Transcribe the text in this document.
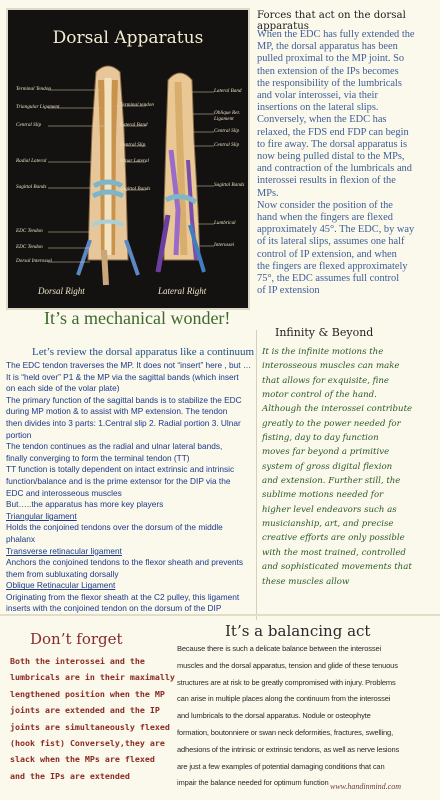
Dorsal Apparatus
Terminal Tendon
Triangular Ligament
Central Slip
Radial Lateral
Sagittal Bands
EDC Tendon
EDC Tendon
Dorsal Interossei
Terminal tendon
Lateral Band
Central Slip
Ulnar Lateral
Sagittal Bands
Lateral Band
Oblique Ret. Ligament
Central Slip
Central Slip
Sagittal Bands
Lumbrical
Interossei
Dorsal Right	Lateral Right
Forces that act on the dorsal apparatus

When the EDC has fully extended the

MP, the dorsal apparatus has been

pulled proximal to the MP joint. So

then extension of the IPs becomes

the responsibility of the lumbricals

and volar interossei, via their

insertions on the lateral slips.

Conversely, when the EDC has

relaxed, the FDS end FDP can begin

to fire away. The dorsal apparatus is

now being pulled distal to the MPs,

and contraction of the lumbricals and

interossei results in flexion of the

MPs.

Now consider the position of the

hand when the fingers are flexed

approximately 45°. The EDC, by way

of its lateral slips, assumes one half

control of IP extension, and when

the fingers are flexed approximately

75°, the EDC assumes full control

of IP extension

It’s a mechanical wonder!
Infinity & Beyond

It is the infinite motions the

interosseous muscles can make

that allows for exquisite, fine

motor control of the hand.

Although the interossei contribute

greatly to the power needed for

fisting, day to day function

moves far beyond a primitive

system of gross digital flexion

and extension. Further still, the

sublime motions needed for

higher level endeavors such as

musicianship, art, and precise

creative efforts are only possible

with the most trained, controlled

and sophisticated movements that

these muscles allow

Let’s review the dorsal apparatus like a continuum

The EDC tendon traverses the MP. It does not “insert” here , but …

It is “held over” P1 & the MP via the sagittal bands (which insert

on each side of the volar plate)

The primary function of the sagittal bands is to stabilize the EDC

during MP motion & to assist with MP extension. The tendon

then divides into 3 parts: 1.Central slip 2. Radial portion 3. Ulnar

portion

The tendon continues as the radial and ulnar lateral bands,

finally converging to form the terminal tendon (TT)

TT function is totally dependent on intact extrinsic and intrinsic

function/balance and is the prime extensor for the DIP via the

EDC and interosseous muscles

But…..the apparatus has more key players

Triangular ligament

Holds the conjoined tendons over the dorsum of the middle

phalanx

Transverse retinacular ligament

Anchors the conjoined tendons to the flexor sheath and prevents

them from subluxating dorsally

Oblique Retinacular Ligament

Originating from the flexor sheath at the C2 pulley, this ligament

inserts with the conjoined tendon on the dorsum of the DIP

Don’t forget

Both the interossei and the

lumbricals are in their maximally

lengthened position when the MP

joints are extended and the IP

joints are simultaneously flexed

(hook fist) Conversely,they are

slack when the MPs are flexed

and the IPs are extended

It’s a balancing act

Because there is such a delicate balance between the interossei

muscles and the dorsal apparatus, tension and glide of these tenuous

structures are at risk to be greatly compromised with injury. Problems

can arise in multiple places along the continuum from the interossei

and lumbricals to the dorsal apparatus. Nodule or osteophyte

formation, boutonniere or swan neck deformities, fractures, swelling,

adhesions of the intrinsic or extrinsic tendons, as well as nerve lesions

are just a few examples of potential damaging conditions that can

impair the balance needed for optimum function www.handinmind.com
